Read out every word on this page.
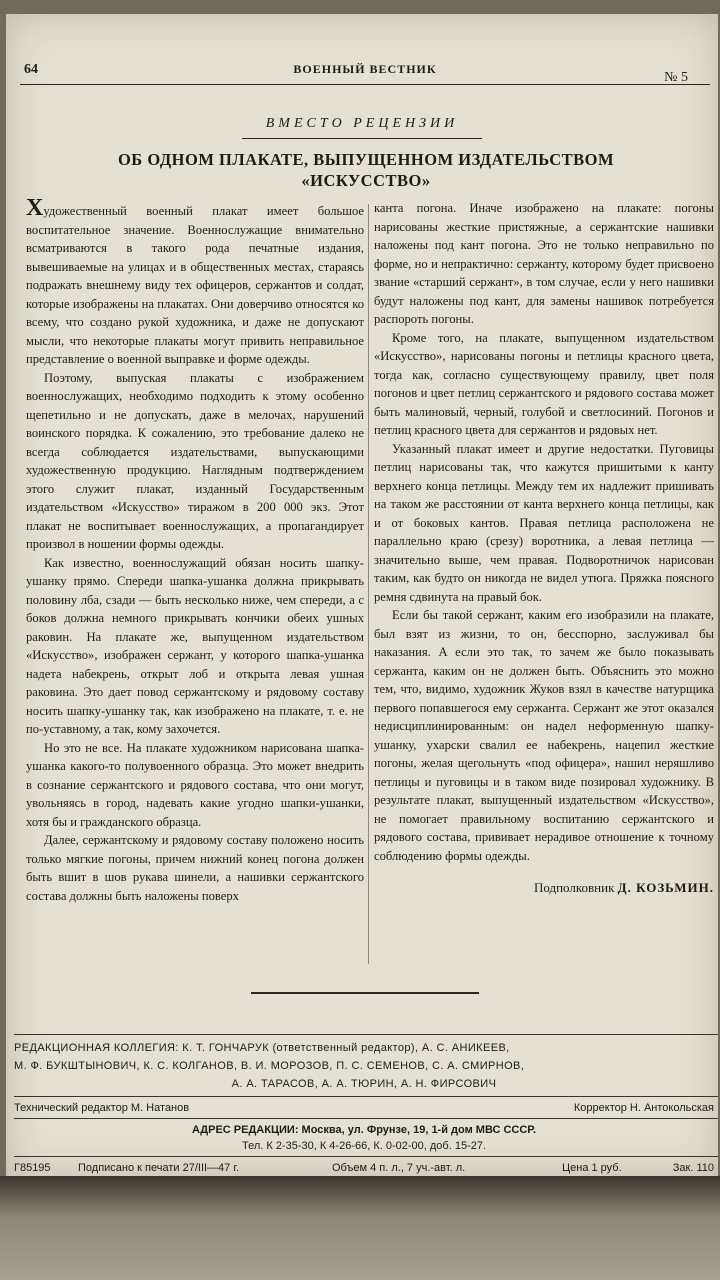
64	ВОЕННЫЙ ВЕСТНИК
№ 5
ВМЕСТО РЕЦЕНЗИИ
ОБ ОДНОМ ПЛАКАТЕ, ВЫПУЩЕННОМ ИЗДАТЕЛЬСТВОМ
«ИСКУССТВО»

Художественный военный плакат имеет большое воспитательное значение. Военнослужащие внимательно всматриваются в такого рода печатные издания, вывешиваемые на улицах и в общественных местах, стараясь подражать внешнему виду тех офицеров, сержантов и солдат, которые изображены на плакатах. Они доверчиво относятся ко всему, что создано рукой художника, и даже не допускают мысли, что некоторые плакаты могут привить неправильное представление о военной выправке и форме одежды.

Поэтому, выпуская плакаты с изображением военнослужащих, необходимо подходить к этому особенно щепетильно и не допускать, даже в мелочах, нарушений воинского порядка. К сожалению, это требование далеко не всегда соблюдается издательствами, выпускающими художественную продукцию. Наглядным подтверждением этого служит плакат, изданный Государственным издательством «Искусство» тиражом в 200 000 экз. Этот плакат не воспитывает военнослужащих, а пропагандирует произвол в ношении формы одежды.

Как известно, военнослужащий обязан носить шапку-ушанку прямо. Спереди шапка-ушанка должна прикрывать половину лба, сзади — быть несколько ниже, чем спереди, а с боков должна немного прикрывать кончики обеих ушных раковин. На плакате же, выпущенном издательством «Искусство», изображен сержант, у которого шапка-ушанка надета набекрень, открыт лоб и открыта левая ушная раковина. Это дает повод сержантскому и рядовому составу носить шапку-ушанку так, как изображено на плакате, т. е. не по-уставному, а так, кому захочется.

Но это не все. На плакате художником нарисована шапка-ушанка какого-то полувоенного образца. Это может внедрить в сознание сержантского и рядового состава, что они могут, увольняясь в город, надевать какие угодно шапки-ушанки, хотя бы и гражданского образца.

Далее, сержантскому и рядовому составу положено носить только мягкие погоны, причем нижний конец погона должен быть вшит в шов рукава шинели, а нашивки сержантского состава должны быть наложены поверх

канта погона. Иначе изображено на плакате: погоны нарисованы жесткие пристяжные, а сержантские нашивки наложены под кант погона. Это не только неправильно по форме, но и непрактично: сержанту, которому будет присвоено звание «старший сержант», в том случае, если у него нашивки будут наложены под кант, для замены нашивок потребуется распороть погоны.

Кроме того, на плакате, выпущенном издательством «Искусство», нарисованы погоны и петлицы красного цвета, тогда как, согласно существующему правилу, цвет поля погонов и цвет петлиц сержантского и рядового состава может быть малиновый, черный, голубой и светлосиний. Погонов и петлиц красного цвета для сержантов и рядовых нет.

Указанный плакат имеет и другие недостатки. Пуговицы петлиц нарисованы так, что кажутся пришитыми к канту верхнего конца петлицы. Между тем их надлежит пришивать на таком же расстоянии от канта верхнего конца петлицы, как и от боковых кантов. Правая петлица расположена не параллельно краю (срезу) воротника, а левая петлица — значительно выше, чем правая. Подворотничок нарисован таким, как будто он никогда не видел утюга. Пряжка поясного ремня сдвинута на правый бок.

Если бы такой сержант, каким его изобразили на плакате, был взят из жизни, то он, бесспорно, заслуживал бы наказания. А если это так, то зачем же было показывать сержанта, каким он не должен быть. Объяснить это можно тем, что, видимо, художник Жуков взял в качестве натурщика первого попавшегося ему сержанта. Сержант же этот оказался недисциплинированным: он надел неформенную шапку-ушанку, ухарски свалил ее набекрень, нацепил жесткие погоны, желая щегольнуть «под офицера», нашил неряшливо петлицы и пуговицы и в таком виде позировал художнику. В результате плакат, выпущенный издательством «Искусство», не помогает правильному воспитанию сержантского и рядового состава, прививает нерадивое отношение к точному соблюдению формы одежды.

Подполковник Д. КОЗЬМИН.
РЕДАКЦИОННАЯ КОЛЛЕГИЯ: К. Т. ГОНЧАРУК (ответственный редактор), А. С. АНИКЕЕВ,
М. Ф. БУКШТЫНОВИЧ, К. С. КОЛГАНОВ, В. И. МОРОЗОВ, П. С. СЕМЕНОВ, С. А. СМИРНОВ,
А. А. ТАРАСОВ, А. А. ТЮРИН, А. Н. ФИРСОВИЧ
Технический редактор М. Натанов	Корректор Н. Антокольская
АДРЕС РЕДАКЦИИ: Москва, ул. Фрунзе, 19, 1-й дом МВС СССР.
Тел. К 2-35-30, К 4-26-66, К. 0-02-00, доб. 15-27.
Г85195 Подписано к печати 27/III—47 г.	Объем 4 п. л., 7 уч.-авт. л.	Цена 1 руб.	Зак. 110
